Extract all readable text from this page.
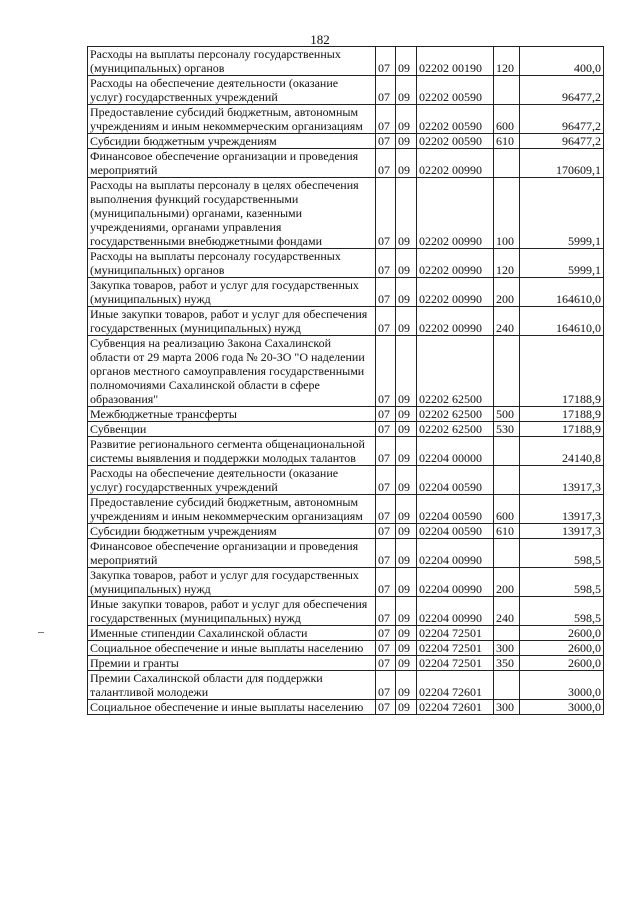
182
Расходы на выплаты персоналу государственных (муниципальных) органов	07	09	02202 00190	120	400,0
Расходы на обеспечение деятельности (оказание услуг) государственных учреждений	07	09	02202 00590		96477,2
Предоставление субсидий бюджетным, автономным учреждениям и иным некоммерческим организациям	07	09	02202 00590	600	96477,2
Субсидии бюджетным учреждениям	07	09	02202 00590	610	96477,2
Финансовое обеспечение организации и проведения мероприятий	07	09	02202 00990		170609,1
Расходы на выплаты персоналу в целях обеспечения выполнения функций государственными (муниципальными) органами, казенными учреждениями, органами управления государственными внебюджетными фондами	07	09	02202 00990	100	5999,1
Расходы на выплаты персоналу государственных (муниципальных) органов	07	09	02202 00990	120	5999,1
Закупка товаров, работ и услуг для государственных (муниципальных) нужд	07	09	02202 00990	200	164610,0
Иные закупки товаров, работ и услуг для обеспечения государственных (муниципальных) нужд	07	09	02202 00990	240	164610,0
Субвенция на реализацию Закона Сахалинской области от 29 марта 2006 года № 20-ЗО "О наделении органов местного самоуправления государственными полномочиями Сахалинской области в сфере образования"	07	09	02202 62500		17188,9
Межбюджетные трансферты	07	09	02202 62500	500	17188,9
Субвенции	07	09	02202 62500	530	17188,9
Развитие регионального сегмента общенациональной системы выявления и поддержки молодых талантов	07	09	02204 00000		24140,8
Расходы на обеспечение деятельности (оказание услуг) государственных учреждений	07	09	02204 00590		13917,3
Предоставление субсидий бюджетным, автономным учреждениям и иным некоммерческим организациям	07	09	02204 00590	600	13917,3
Субсидии бюджетным учреждениям	07	09	02204 00590	610	13917,3
Финансовое обеспечение организации и проведения мероприятий	07	09	02204 00990		598,5
Закупка товаров, работ и услуг для государственных (муниципальных) нужд	07	09	02204 00990	200	598,5
Иные закупки товаров, работ и услуг для обеспечения государственных (муниципальных) нужд	07	09	02204 00990	240	598,5
Именные стипендии Сахалинской области	07	09	02204 72501		2600,0
Социальное обеспечение и иные выплаты населению	07	09	02204 72501	300	2600,0
Премии и гранты	07	09	02204 72501	350	2600,0
Премии Сахалинской области для поддержки талантливой молодежи	07	09	02204 72601		3000,0
Социальное обеспечение и иные выплаты населению	07	09	02204 72601	300	3000,0
